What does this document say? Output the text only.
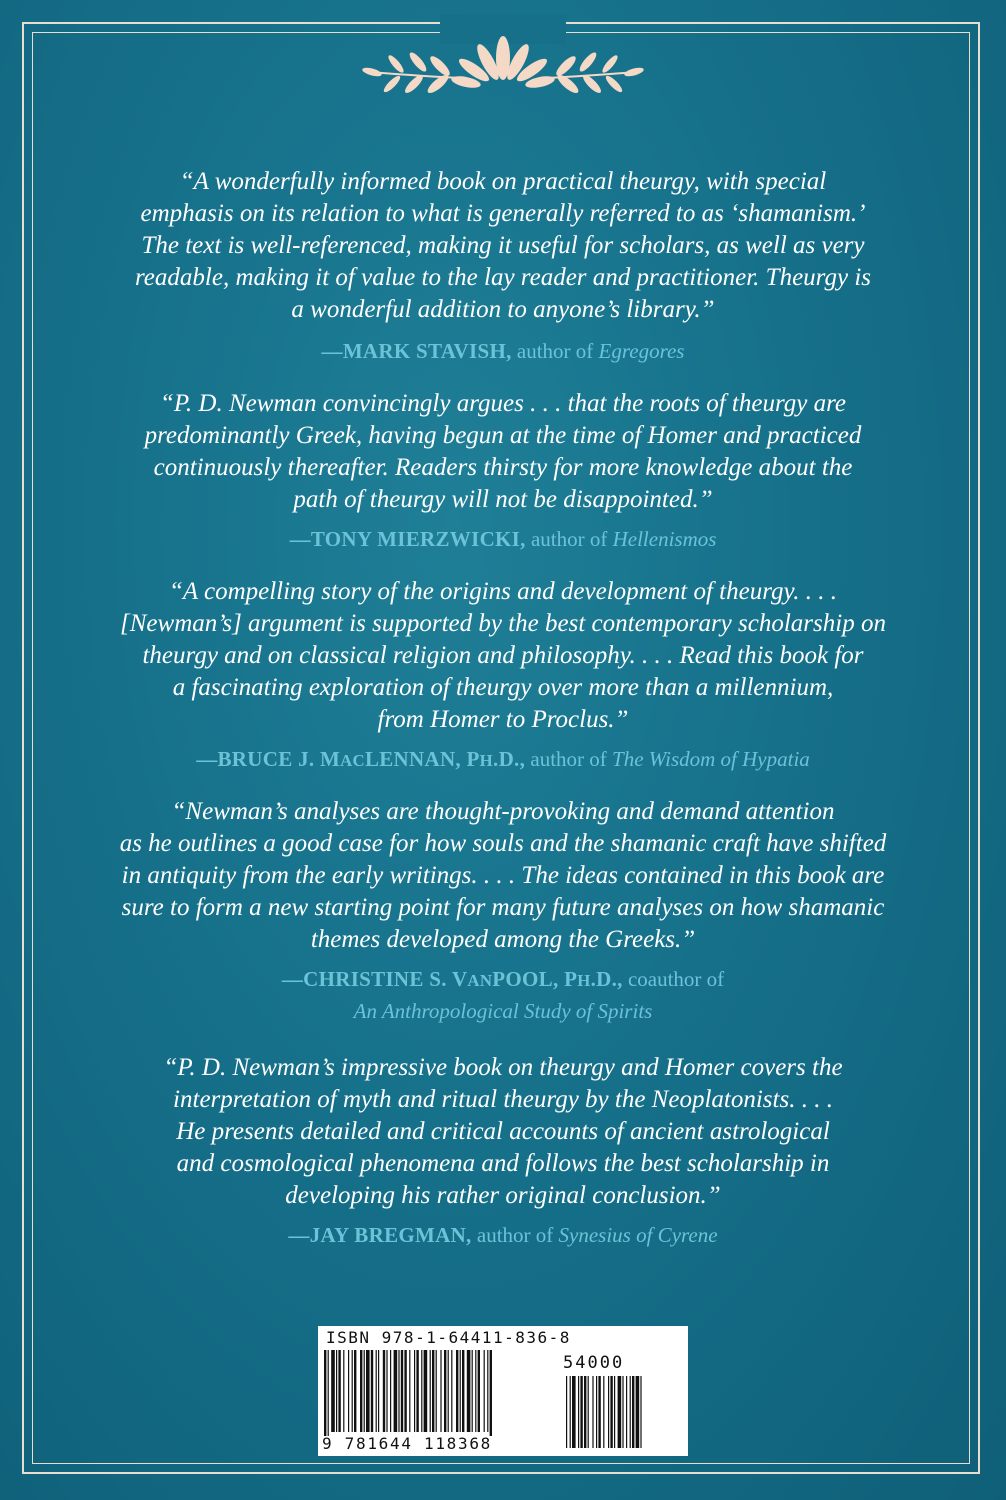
“A wonderfully informed book on practical theurgy, with special
emphasis on its relation to what is generally referred to as ‘shamanism.’
The text is well-referenced, making it useful for scholars, as well as very
readable, making it of value to the lay reader and practitioner. Theurgy is
a wonderful addition to anyone’s library.”

—MARK STAVISH, author of Egregores

“P. D. Newman convincingly argues . . . that the roots of theurgy are
predominantly Greek, having begun at the time of Homer and practiced
continuously thereafter. Readers thirsty for more knowledge about the
path of theurgy will not be disappointed.”

—TONY MIERZWICKI, author of Hellenismos

“A compelling story of the origins and development of theurgy. . . .
[Newman’s] argument is supported by the best contemporary scholarship on
theurgy and on classical religion and philosophy. . . . Read this book for
a fascinating exploration of theurgy over more than a millennium,
from Homer to Proclus.”

—BRUCE J. MACLENNAN, PH.D., author of The Wisdom of Hypatia

“Newman’s analyses are thought-provoking and demand attention
as he outlines a good case for how souls and the shamanic craft have shifted
in antiquity from the early writings. . . . The ideas contained in this book are
sure to form a new starting point for many future analyses on how shamanic
themes developed among the Greeks.”

—CHRISTINE S. VANPOOL, PH.D., coauthor of
An Anthropological Study of Spirits

“P. D. Newman’s impressive book on theurgy and Homer covers the
interpretation of myth and ritual theurgy by the Neoplatonists. . . .
He presents detailed and critical accounts of ancient astrological
and cosmological phenomena and follows the best scholarship in
developing his rather original conclusion.”

—JAY BREGMAN, author of Synesius of Cyrene
ISBN 978-1-64411-836-8
54000
9 781644 118368
